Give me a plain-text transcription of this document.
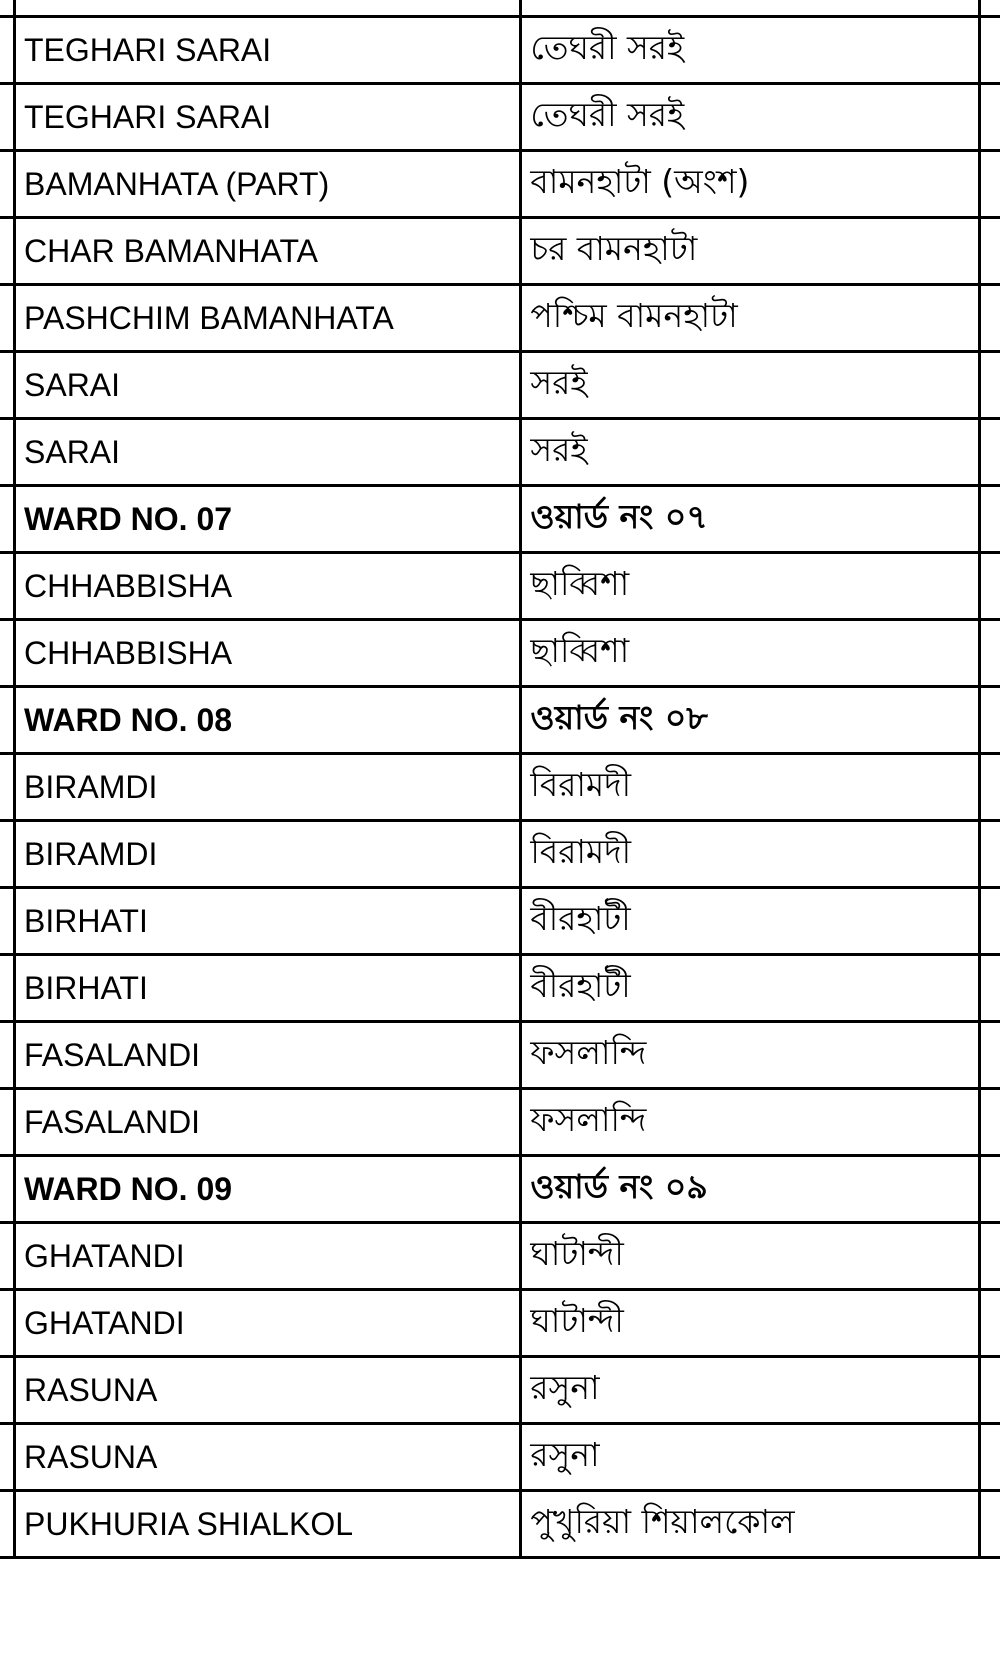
	TEGHARI SARAI	তেঘরী সরই	
	TEGHARI SARAI	তেঘরী সরই	
	BAMANHATA (PART)	বামনহাটা (অংশ)	
	CHAR BAMANHATA	চর বামনহাটা	
	PASHCHIM BAMANHATA	পশ্চিম বামনহাটা	
	SARAI	সরই	
	SARAI	সরই	
	WARD NO. 07	ওয়ার্ড নং ০৭	
	CHHABBISHA	ছাব্বিশা	
	CHHABBISHA	ছাব্বিশা	
	WARD NO. 08	ওয়ার্ড নং ০৮	
	BIRAMDI	বিরামদী	
	BIRAMDI	বিরামদী	
	BIRHATI	বীরহাটী	
	BIRHATI	বীরহাটী	
	FASALANDI	ফসলান্দি	
	FASALANDI	ফসলান্দি	
	WARD NO. 09	ওয়ার্ড নং ০৯	
	GHATANDI	ঘাটান্দী	
	GHATANDI	ঘাটান্দী	
	RASUNA	রসুনা	
	RASUNA	রসুনা	
	PUKHURIA SHIALKOL	পুখুরিয়া শিয়ালকোল	
